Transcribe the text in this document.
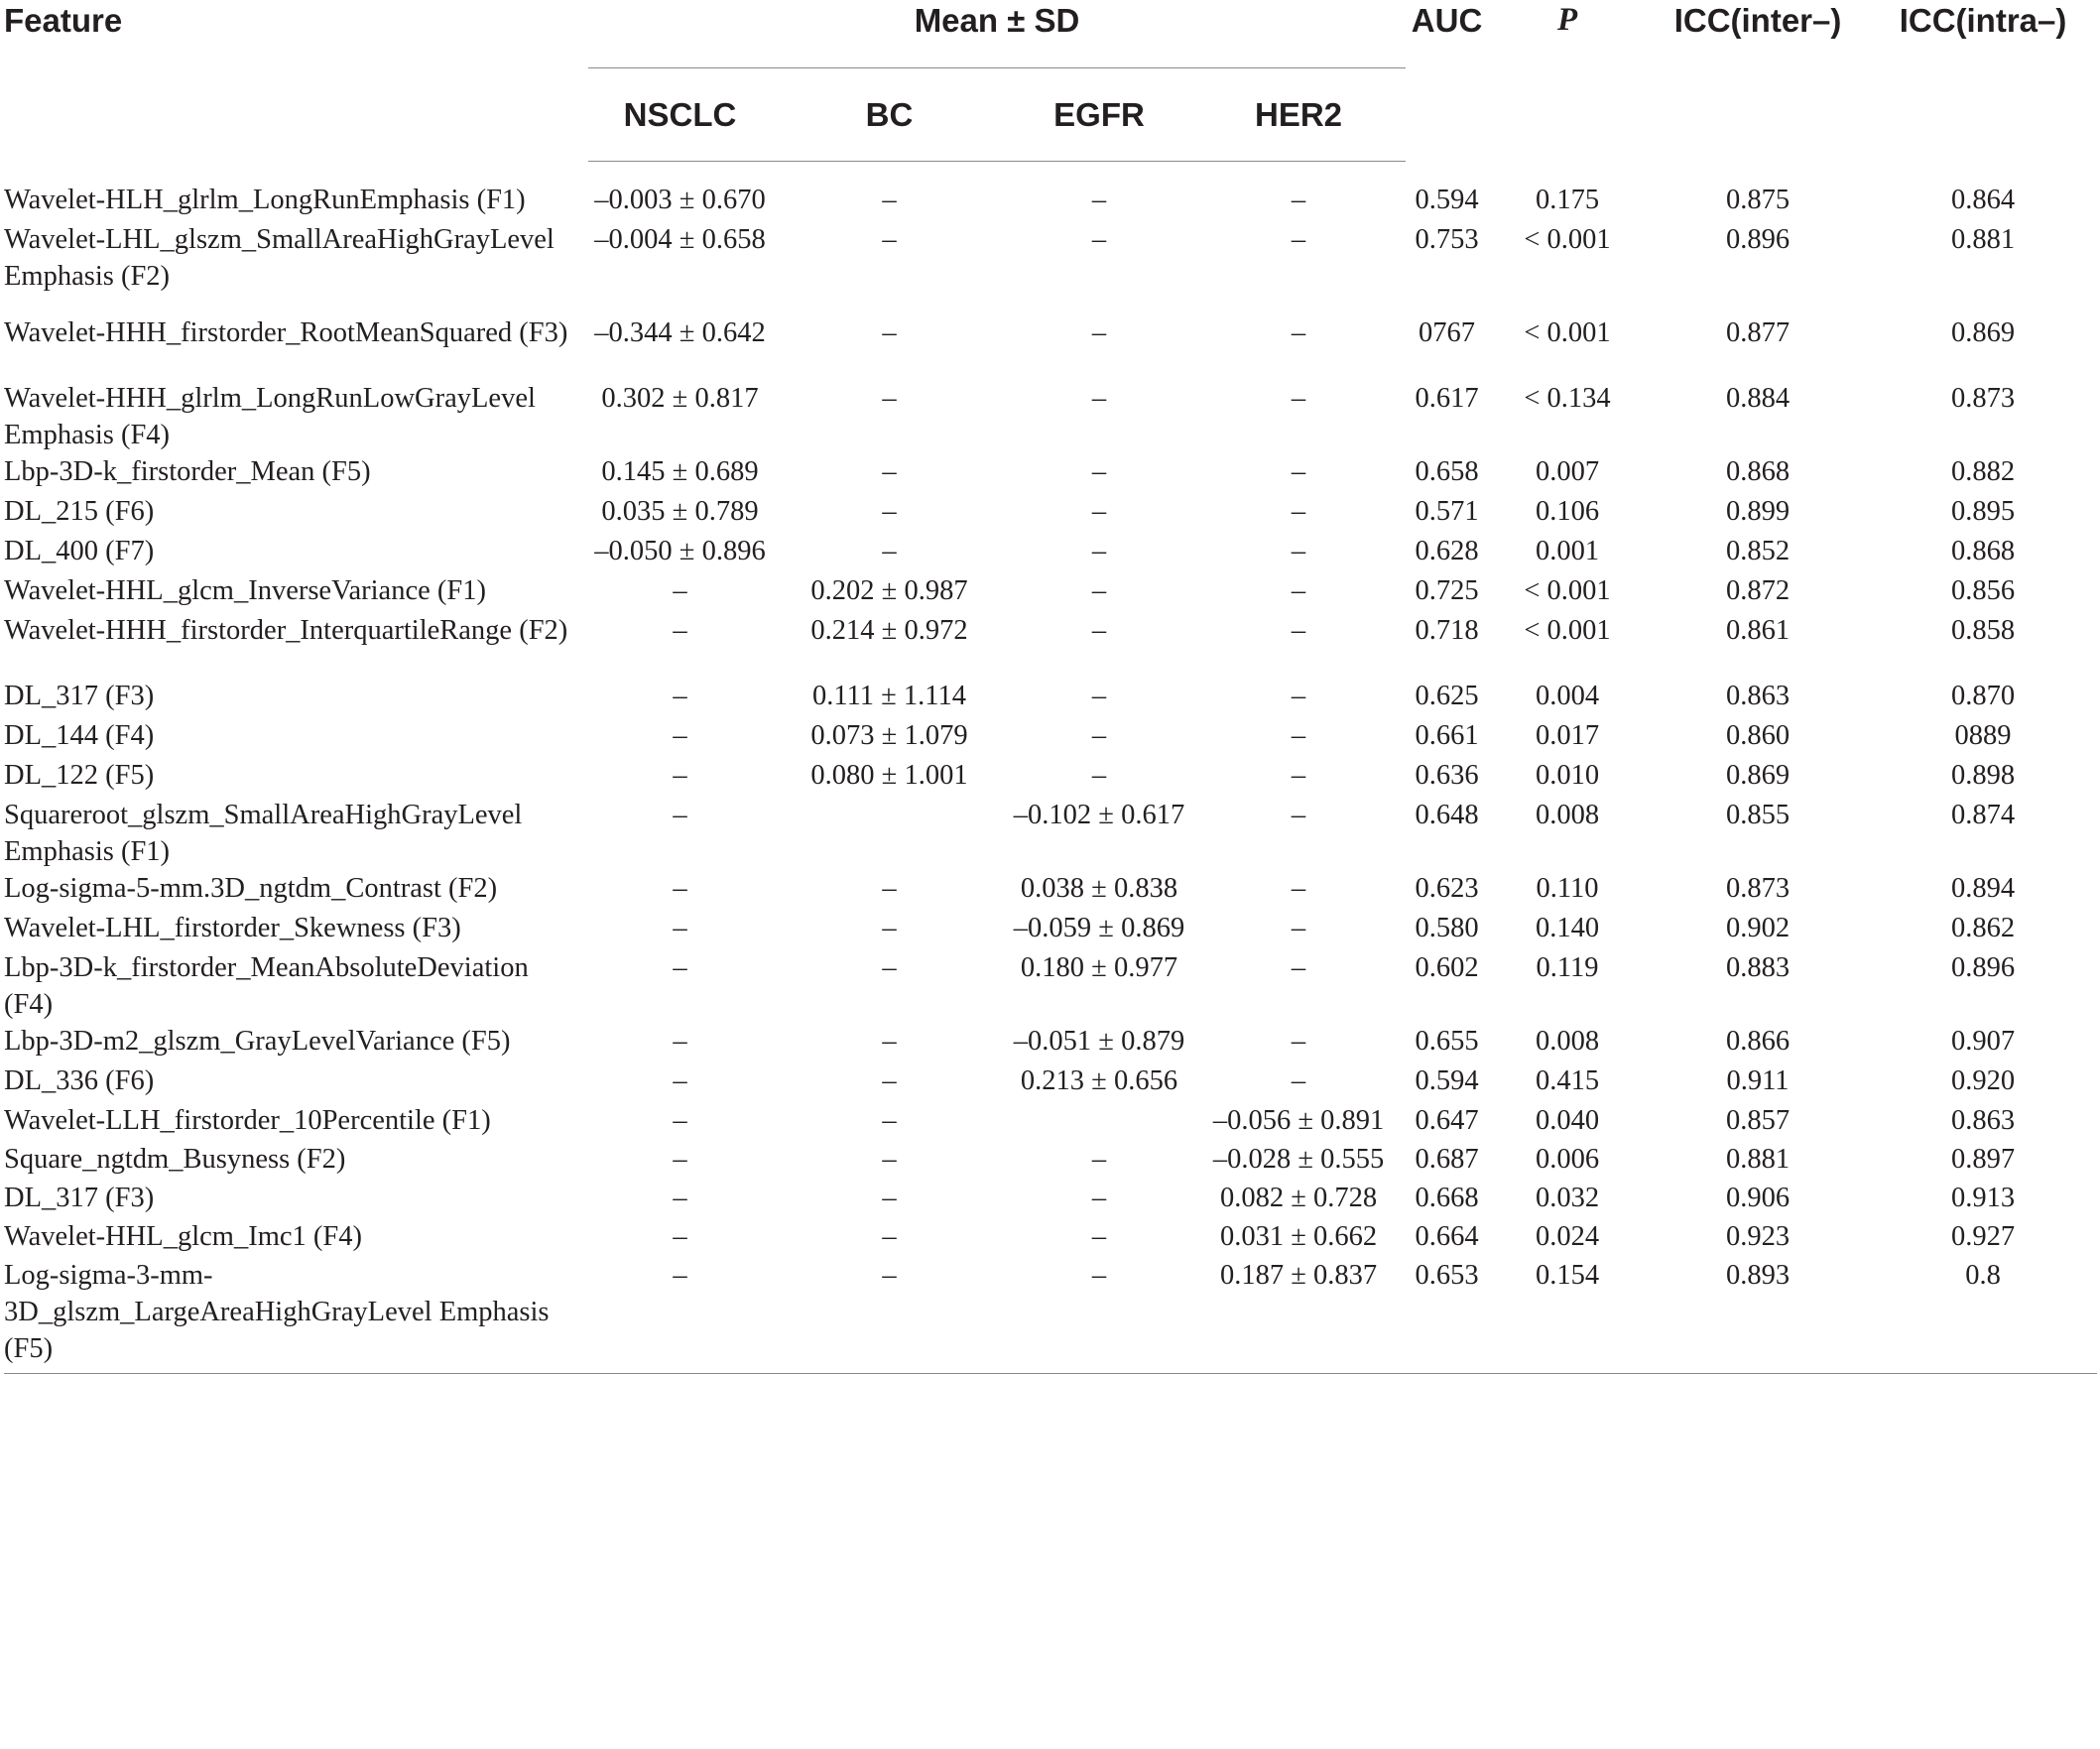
Feature	Mean ± SD				AUC	P	ICC(inter–)	ICC(intra–)
	NSCLC	BC	EGFR	HER2				

Wavelet-HLH_glrlm_LongRunEmphasis (F1)	–0.003 ± 0.670	–	–	–	0.594	0.175	0.875	0.864
Wavelet-LHL_glszm_SmallAreaHighGrayLevel Emphasis (F2)	–0.004 ± 0.658	–	–	–	0.753	< 0.001	0.896	0.881
Wavelet-HHH_firstorder_RootMeanSquared (F3)	–0.344 ± 0.642	–	–	–	0767	< 0.001	0.877	0.869
Wavelet-HHH_glrlm_LongRunLowGrayLevel Emphasis (F4)	0.302 ± 0.817	–	–	–	0.617	< 0.134	0.884	0.873
Lbp-3D-k_firstorder_Mean (F5)	0.145 ± 0.689	–	–	–	0.658	0.007	0.868	0.882
DL_215 (F6)	0.035 ± 0.789	–	–	–	0.571	0.106	0.899	0.895
DL_400 (F7)	–0.050 ± 0.896	–	–	–	0.628	0.001	0.852	0.868
Wavelet-HHL_glcm_InverseVariance (F1)	–	0.202 ± 0.987	–	–	0.725	< 0.001	0.872	0.856
Wavelet-HHH_firstorder_InterquartileRange (F2)	–	0.214 ± 0.972	–	–	0.718	< 0.001	0.861	0.858
DL_317 (F3)	–	0.111 ± 1.114	–	–	0.625	0.004	0.863	0.870
DL_144 (F4)	–	0.073 ± 1.079	–	–	0.661	0.017	0.860	0889
DL_122 (F5)	–	0.080 ± 1.001	–	–	0.636	0.010	0.869	0.898
Squareroot_glszm_SmallAreaHighGrayLevel Emphasis (F1)	–		–0.102 ± 0.617	–	0.648	0.008	0.855	0.874
Log-sigma-5-mm.3D_ngtdm_Contrast (F2)	–	–	0.038 ± 0.838	–	0.623	0.110	0.873	0.894
Wavelet-LHL_firstorder_Skewness (F3)	–	–	–0.059 ± 0.869	–	0.580	0.140	0.902	0.862
Lbp-3D-k_firstorder_MeanAbsoluteDeviation (F4)	–	–	0.180 ± 0.977	–	0.602	0.119	0.883	0.896
Lbp-3D-m2_glszm_GrayLevelVariance (F5)	–	–	–0.051 ± 0.879	–	0.655	0.008	0.866	0.907
DL_336 (F6)	–	–	0.213 ± 0.656	–	0.594	0.415	0.911	0.920
Wavelet-LLH_firstorder_10Percentile (F1)	–	–		–0.056 ± 0.891	0.647	0.040	0.857	0.863
Square_ngtdm_Busyness (F2)	–	–	–	–0.028 ± 0.555	0.687	0.006	0.881	0.897
DL_317 (F3)	–	–	–	0.082 ± 0.728	0.668	0.032	0.906	0.913
Wavelet-HHL_glcm_Imc1 (F4)	–	–	–	0.031 ± 0.662	0.664	0.024	0.923	0.927
Log-sigma-3-mm-3D_glszm_LargeAreaHighGrayLevel Emphasis (F5)	–	–	–	0.187 ± 0.837	0.653	0.154	0.893	0.8
